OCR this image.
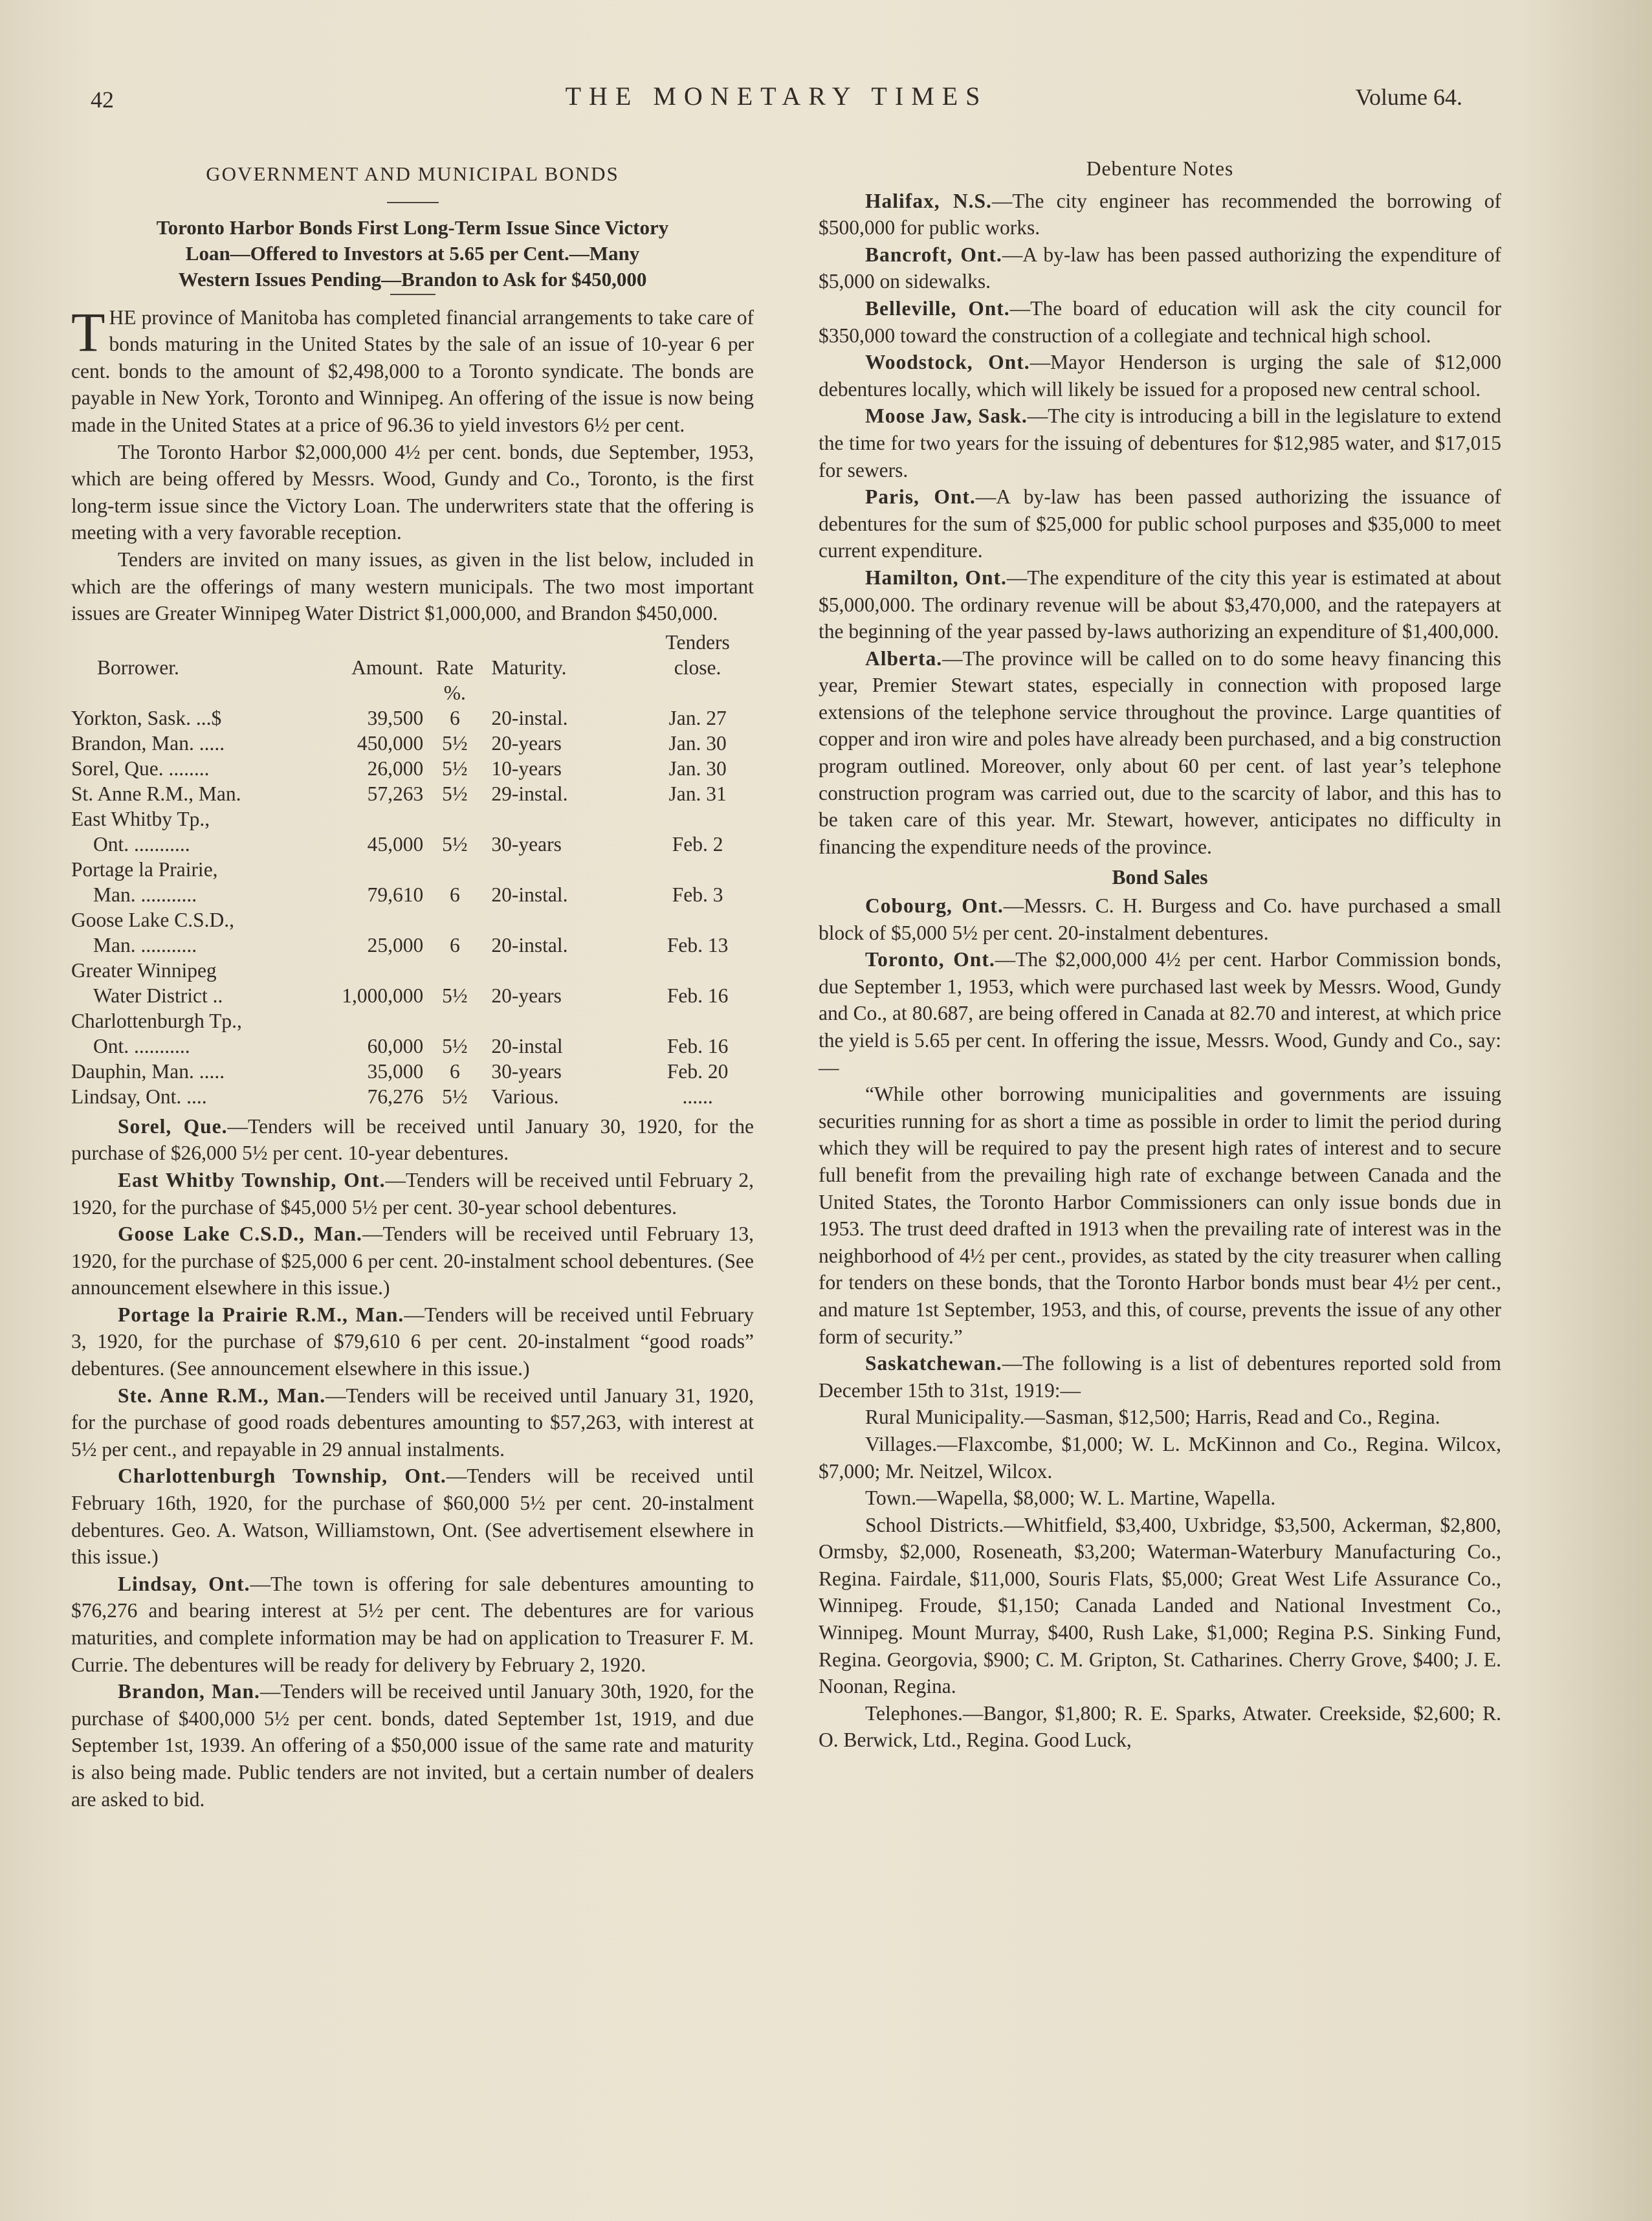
42	THE MONETARY TIMES	Volume 64.
GOVERNMENT AND MUNICIPAL BONDS
Toronto Harbor Bonds First Long-Term Issue Since Victory
Loan—Offered to Investors at 5.65 per Cent.—Many
Western Issues Pending—Brandon to Ask for $450,000

THE province of Manitoba has completed financial arrangements to take care of bonds maturing in the United States by the sale of an issue of 10-year 6 per cent. bonds to the amount of $2,498,000 to a Toronto syndicate. The bonds are payable in New York, Toronto and Winnipeg. An offering of the issue is now being made in the United States at a price of 96.36 to yield investors 6½ per cent.

The Toronto Harbor $2,000,000 4½ per cent. bonds, due September, 1953, which are being offered by Messrs. Wood, Gundy and Co., Toronto, is the first long-term issue since the Victory Loan. The underwriters state that the offering is meeting with a very favorable reception.

Tenders are invited on many issues, as given in the list below, included in which are the offerings of many western municipals. The two most important issues are Greater Winnipeg Water District $1,000,000, and Brandon $450,000.

				Tenders
Borrower.	Amount.	Rate %.	Maturity.	close.

Yorkton, Sask. ...$	39,500	6	20-instal.	Jan. 27

Brandon, Man. .....	450,000	5½	20-years	Jan. 30

Sorel, Que. ........	26,000	5½	10-years	Jan. 30

St. Anne R.M., Man.	57,263	5½	29-instal.	Jan. 31

East Whitby Tp.,
Ont. ...........	45,000	5½	30-years	Feb. 2

Portage la Prairie,
Man. ...........	79,610	6	20-instal.	Feb. 3

Goose Lake C.S.D.,
Man. ...........	25,000	6	20-instal.	Feb. 13

Greater Winnipeg
Water District ..	1,000,000	5½	20-years	Feb. 16

Charlottenburgh Tp.,
Ont. ...........	60,000	5½	20-instal	Feb. 16

Dauphin, Man. .....	35,000	6	30-years	Feb. 20

Lindsay, Ont. ....	76,276	5½	Various.	......

Sorel, Que.—Tenders will be received until January 30, 1920, for the purchase of $26,000 5½ per cent. 10-year debentures.

East Whitby Township, Ont.—Tenders will be received until February 2, 1920, for the purchase of $45,000 5½ per cent. 30-year school debentures.

Goose Lake C.S.D., Man.—Tenders will be received until February 13, 1920, for the purchase of $25,000 6 per cent. 20-instalment school debentures. (See announcement elsewhere in this issue.)

Portage la Prairie R.M., Man.—Tenders will be received until February 3, 1920, for the purchase of $79,610 6 per cent. 20-instalment “good roads” debentures. (See announcement elsewhere in this issue.)

Ste. Anne R.M., Man.—Tenders will be received until January 31, 1920, for the purchase of good roads debentures amounting to $57,263, with interest at 5½ per cent., and repayable in 29 annual instalments.

Charlottenburgh Township, Ont.—Tenders will be received until February 16th, 1920, for the purchase of $60,000 5½ per cent. 20-instalment debentures. Geo. A. Watson, Williamstown, Ont. (See advertisement elsewhere in this issue.)

Lindsay, Ont.—The town is offering for sale debentures amounting to $76,276 and bearing interest at 5½ per cent. The debentures are for various maturities, and complete information may be had on application to Treasurer F. M. Currie. The debentures will be ready for delivery by February 2, 1920.

Brandon, Man.—Tenders will be received until January 30th, 1920, for the purchase of $400,000 5½ per cent. bonds, dated September 1st, 1919, and due September 1st, 1939. An offering of a $50,000 issue of the same rate and maturity is also being made. Public tenders are not invited, but a certain number of dealers are asked to bid.

Debenture Notes

Halifax, N.S.—The city engineer has recommended the borrowing of $500,000 for public works.

Bancroft, Ont.—A by-law has been passed authorizing the expenditure of $5,000 on sidewalks.

Belleville, Ont.—The board of education will ask the city council for $350,000 toward the construction of a collegiate and technical high school.

Woodstock, Ont.—Mayor Henderson is urging the sale of $12,000 debentures locally, which will likely be issued for a proposed new central school.

Moose Jaw, Sask.—The city is introducing a bill in the legislature to extend the time for two years for the issuing of debentures for $12,985 water, and $17,015 for sewers.

Paris, Ont.—A by-law has been passed authorizing the issuance of debentures for the sum of $25,000 for public school purposes and $35,000 to meet current expenditure.

Hamilton, Ont.—The expenditure of the city this year is estimated at about $5,000,000. The ordinary revenue will be about $3,470,000, and the ratepayers at the beginning of the year passed by-laws authorizing an expenditure of $1,400,000.

Alberta.—The province will be called on to do some heavy financing this year, Premier Stewart states, especially in connection with proposed large extensions of the telephone service throughout the province. Large quantities of copper and iron wire and poles have already been purchased, and a big construction program outlined. Moreover, only about 60 per cent. of last year’s telephone construction program was carried out, due to the scarcity of labor, and this has to be taken care of this year. Mr. Stewart, however, anticipates no difficulty in financing the expenditure needs of the province.

Bond Sales

Cobourg, Ont.—Messrs. C. H. Burgess and Co. have purchased a small block of $5,000 5½ per cent. 20-instalment debentures.

Toronto, Ont.—The $2,000,000 4½ per cent. Harbor Commission bonds, due September 1, 1953, which were purchased last week by Messrs. Wood, Gundy and Co., at 80.687, are being offered in Canada at 82.70 and interest, at which price the yield is 5.65 per cent. In offering the issue, Messrs. Wood, Gundy and Co., say:—

“While other borrowing municipalities and governments are issuing securities running for as short a time as possible in order to limit the period during which they will be required to pay the present high rates of interest and to secure full benefit from the prevailing high rate of exchange between Canada and the United States, the Toronto Harbor Commissioners can only issue bonds due in 1953. The trust deed drafted in 1913 when the prevailing rate of interest was in the neighborhood of 4½ per cent., provides, as stated by the city treasurer when calling for tenders on these bonds, that the Toronto Harbor bonds must bear 4½ per cent., and mature 1st September, 1953, and this, of course, prevents the issue of any other form of security.”

Saskatchewan.—The following is a list of debentures reported sold from December 15th to 31st, 1919:—

Rural Municipality.—Sasman, $12,500; Harris, Read and Co., Regina.

Villages.—Flaxcombe, $1,000; W. L. McKinnon and Co., Regina. Wilcox, $7,000; Mr. Neitzel, Wilcox.

Town.—Wapella, $8,000; W. L. Martine, Wapella.

School Districts.—Whitfield, $3,400, Uxbridge, $3,500, Ackerman, $2,800, Ormsby, $2,000, Roseneath, $3,200; Waterman-Waterbury Manufacturing Co., Regina. Fairdale, $11,000, Souris Flats, $5,000; Great West Life Assurance Co., Winnipeg. Froude, $1,150; Canada Landed and National Investment Co., Winnipeg. Mount Murray, $400, Rush Lake, $1,000; Regina P.S. Sinking Fund, Regina. Georgovia, $900; C. M. Gripton, St. Catharines. Cherry Grove, $400; J. E. Noonan, Regina.

Telephones.—Bangor, $1,800; R. E. Sparks, Atwater. Creekside, $2,600; R. O. Berwick, Ltd., Regina. Good Luck,
